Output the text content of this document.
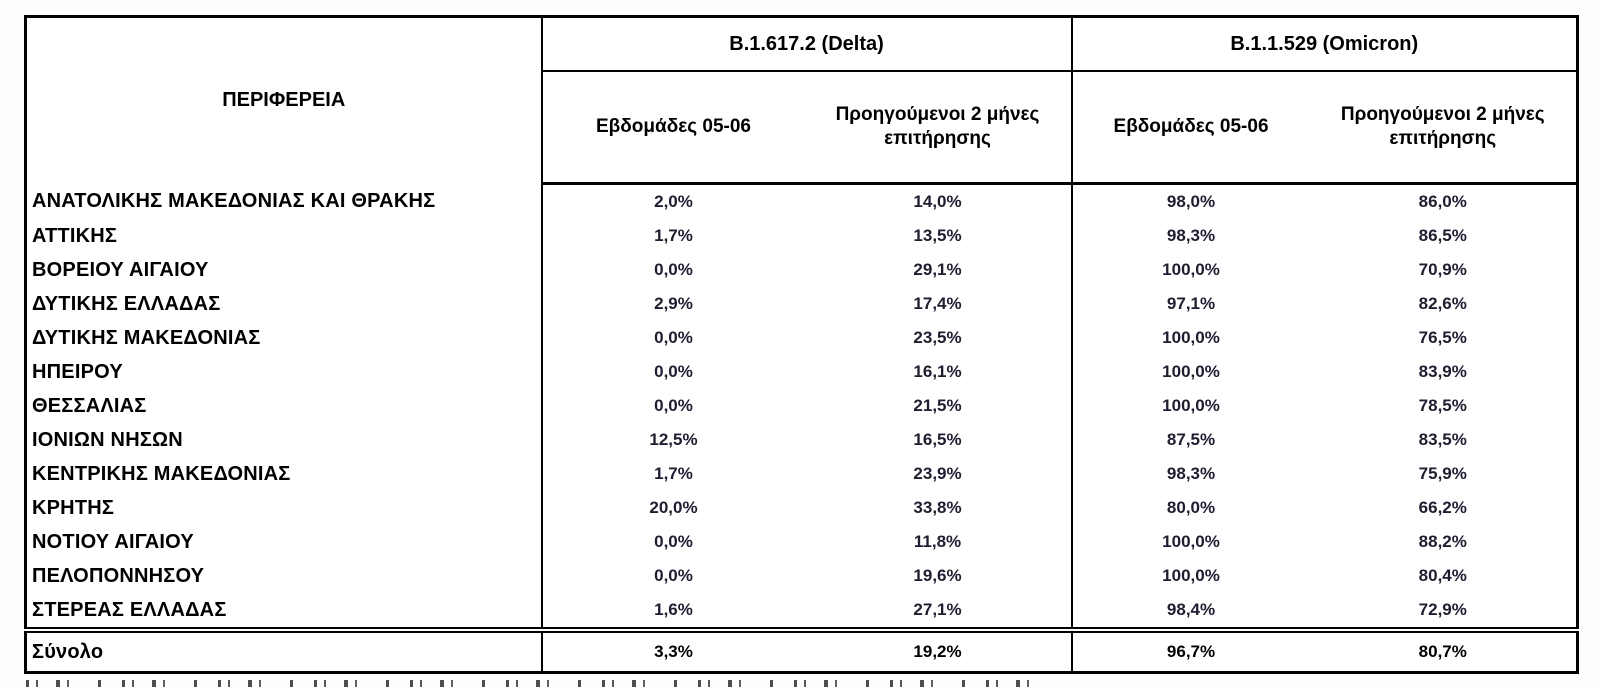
ΠΕΡΙΦΕΡΕΙΑ	B.1.617.2 (Delta)		B.1.1.529 (Omicron)	
	Εβδομάδες 05-06	Προηγούμενοι 2 μήνες επιτήρησης	Εβδομάδες 05-06	Προηγούμενοι 2 μήνες επιτήρησης
ΑΝΑΤΟΛΙΚΗΣ ΜΑΚΕΔΟΝΙΑΣ ΚΑΙ ΘΡΑΚΗΣ	2,0%	14,0%	98,0%	86,0%
ΑΤΤΙΚΗΣ	1,7%	13,5%	98,3%	86,5%
ΒΟΡΕΙΟΥ ΑΙΓΑΙΟΥ	0,0%	29,1%	100,0%	70,9%
ΔΥΤΙΚΗΣ ΕΛΛΑΔΑΣ	2,9%	17,4%	97,1%	82,6%
ΔΥΤΙΚΗΣ ΜΑΚΕΔΟΝΙΑΣ	0,0%	23,5%	100,0%	76,5%
ΗΠΕΙΡΟΥ	0,0%	16,1%	100,0%	83,9%
ΘΕΣΣΑΛΙΑΣ	0,0%	21,5%	100,0%	78,5%
ΙΟΝΙΩΝ ΝΗΣΩΝ	12,5%	16,5%	87,5%	83,5%
ΚΕΝΤΡΙΚΗΣ ΜΑΚΕΔΟΝΙΑΣ	1,7%	23,9%	98,3%	75,9%
ΚΡΗΤΗΣ	20,0%	33,8%	80,0%	66,2%
ΝΟΤΙΟΥ ΑΙΓΑΙΟΥ	0,0%	11,8%	100,0%	88,2%
ΠΕΛΟΠΟΝΝΗΣΟΥ	0,0%	19,6%	100,0%	80,4%
ΣΤΕΡΕΑΣ ΕΛΛΑΔΑΣ	1,6%	27,1%	98,4%	72,9%
Σύνολο	3,3%	19,2%	96,7%	80,7%
